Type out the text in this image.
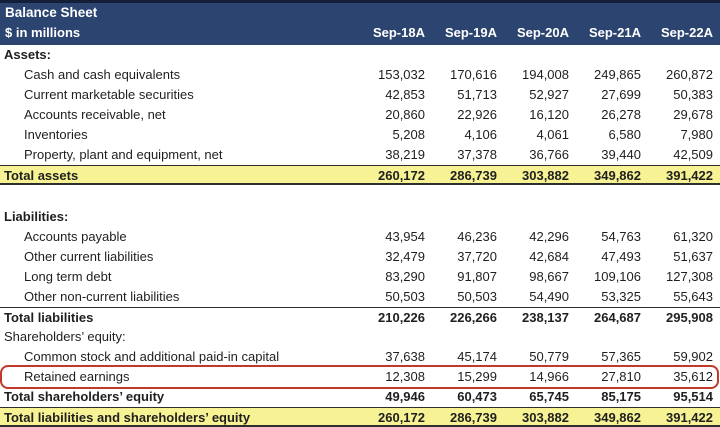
Balance Sheet
$ in millions	Sep-18A	Sep-19A	Sep-20A	Sep-21A	Sep-22A
Assets:
Cash and cash equivalents	153,032	170,616	194,008	249,865	260,872
Current marketable securities	42,853	51,713	52,927	27,699	50,383
Accounts receivable, net	20,860	22,926	16,120	26,278	29,678
Inventories	5,208	4,106	4,061	6,580	7,980
Property, plant and equipment, net	38,219	37,378	36,766	39,440	42,509
Total assets	260,172	286,739	303,882	349,862	391,422
Liabilities:
Accounts payable	43,954	46,236	42,296	54,763	61,320
Other current liabilities	32,479	37,720	42,684	47,493	51,637
Long term debt	83,290	91,807	98,667	109,106	127,308
Other non-current liabilities	50,503	50,503	54,490	53,325	55,643
Total liabilities	210,226	226,266	238,137	264,687	295,908
Shareholders’ equity:
Common stock and additional paid-in capital	37,638	45,174	50,779	57,365	59,902
Retained earnings	12,308	15,299	14,966	27,810	35,612
Total shareholders’ equity	49,946	60,473	65,745	85,175	95,514
Total liabilities and shareholders’ equity	260,172	286,739	303,882	349,862	391,422
